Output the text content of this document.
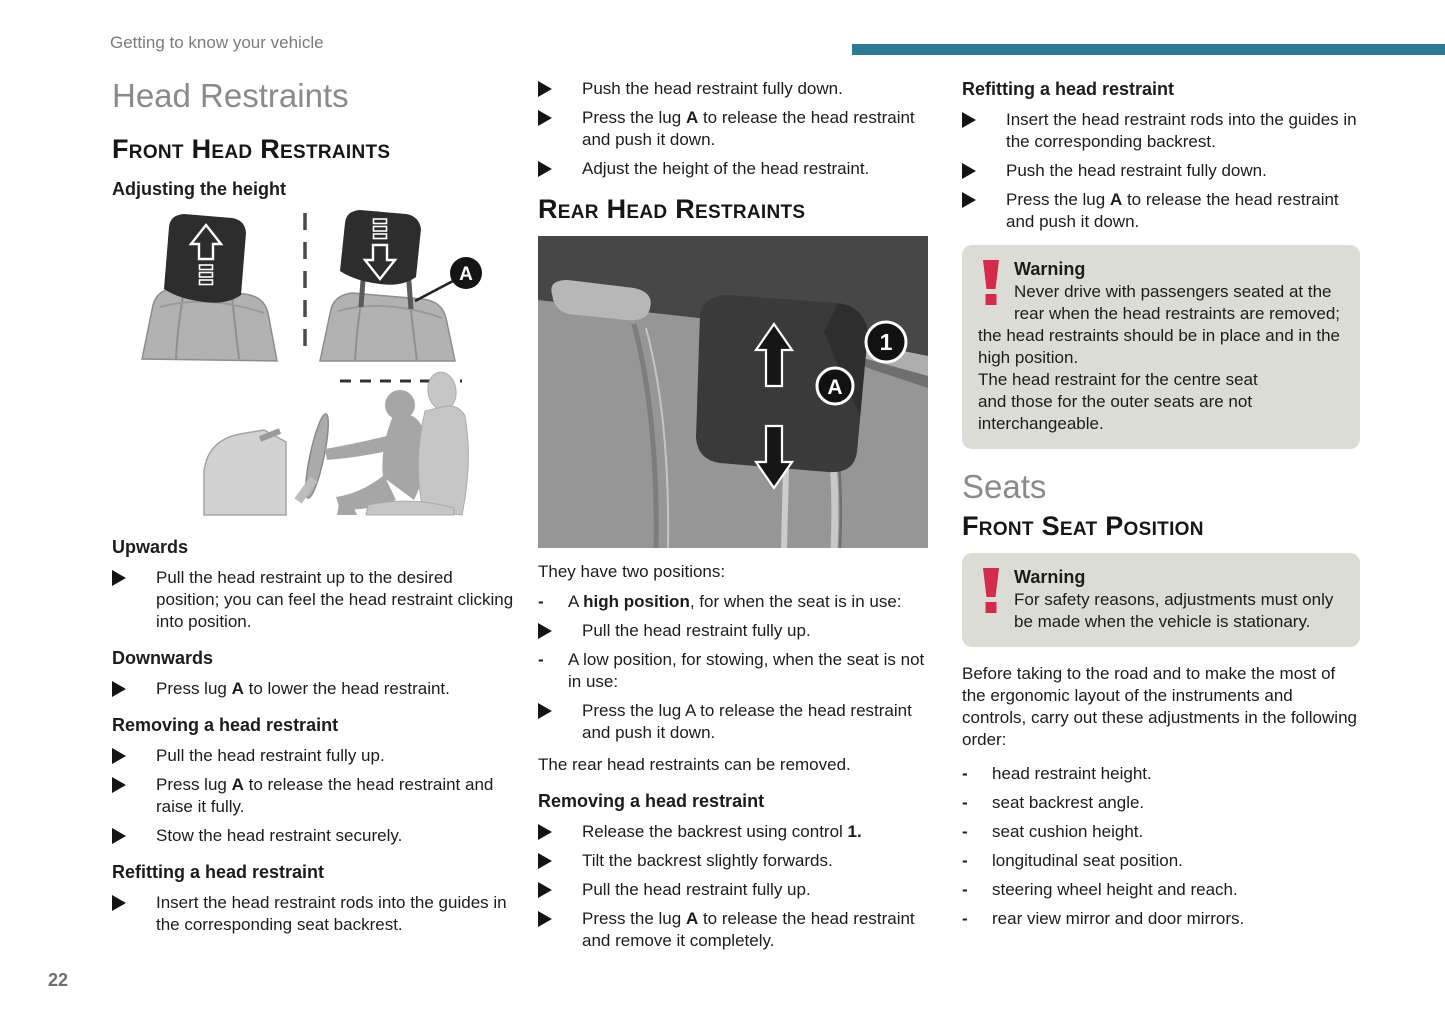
Getting to know your vehicle
Head Restraints
Front Head Restraints
Adjusting the height
A
Upwards
Pull the head restraint up to the desired position; you can feel the head restraint clicking into position.
Downwards
Press lug A to lower the head restraint.
Removing a head restraint
Pull the head restraint fully up.
Press lug A to release the head restraint and raise it fully.
Stow the head restraint securely.
Refitting a head restraint
Insert the head restraint rods into the guides in the corresponding seat backrest.
Push the head restraint fully down.
Press the lug A to release the head restraint and push it down.
Adjust the height of the head restraint.
Rear Head Restraints
1
A

They have two positions:

-	A high position, for when the seat is in use:
Pull the head restraint fully up.
-	A low position, for stowing, when the seat is not in use:
Press the lug A to release the head restraint and push it down.

The rear head restraints can be removed.

Removing a head restraint
Release the backrest using control 1.
Tilt the backrest slightly forwards.
Pull the head restraint fully up.
Press the lug A to release the head restraint and remove it completely.
Refitting a head restraint
Insert the head restraint rods into the guides in the corresponding backrest.
Push the head restraint fully down.
Press the lug A to release the head restraint and push it down.
Warning
Never drive with passengers seated at the rear when the head restraints are removed; the head restraints should be in place and in the high position.
The head restraint for the centre seat
and those for the outer seats are not interchangeable.
Seats
Front Seat Position
Warning
For safety reasons, adjustments must only be made when the vehicle is stationary.

Before taking to the road and to make the most of the ergonomic layout of the instruments and controls, carry out these adjustments in the following order:

-	head restraint height.
-	seat backrest angle.
-	seat cushion height.
-	longitudinal seat position.
-	steering wheel height and reach.
-	rear view mirror and door mirrors.
22
